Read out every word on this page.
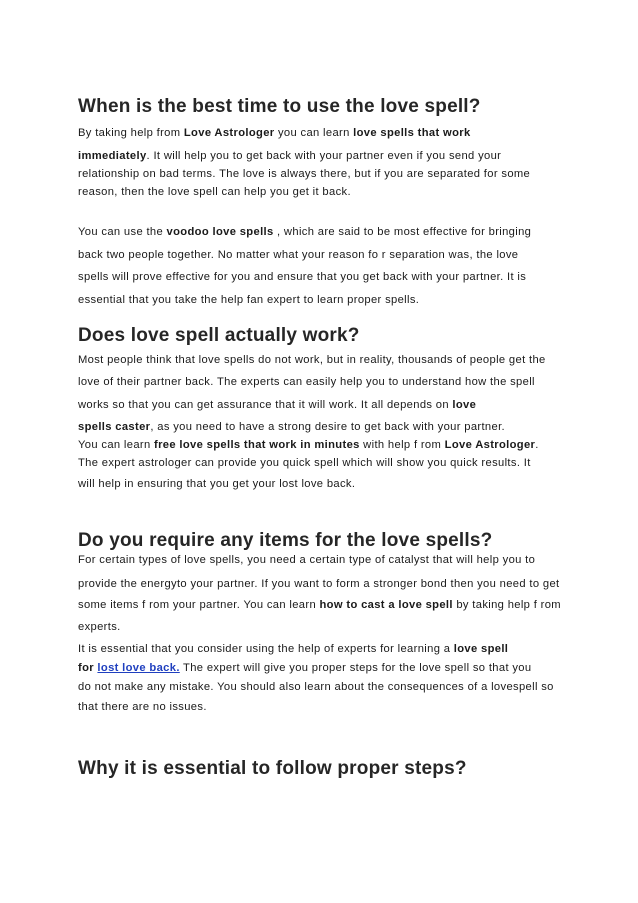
When is the best time to use the love spell?
By taking help from Love Astrologer you can learn love spells that work
immediately. It will help you to get back with your partner even if you send your
relationship on bad terms. The love is always there, but if you are separated for some
reason, then the love spell can help you get it back.
You can use the voodoo love spells , which are said to be most effective for bringing
back two people together. No matter what your reason fo r separation was, the love
spells will prove effective for you and ensure that you get back with your partner. It is
essential that you take the help fan expert to learn proper spells.
Does love spell actually work?
Most people think that love spells do not work, but in reality, thousands of people get the
love of their partner back. The experts can easily help you to understand how the spell
works so that you can get assurance that it will work. It all depends on love
spells caster, as you need to have a strong desire to get back with your partner.
You can learn free love spells that work in minutes with help f rom Love Astrologer.
The expert astrologer can provide you quick spell which will show you quick results. It
will help in ensuring that you get your lost love back.
Do you require any items for the love spells?
For certain types of love spells, you need a certain type of catalyst that will help you to
provide the energyto your partner. If you want to form a stronger bond then you need to get
some items f rom your partner. You can learn how to cast a love spell by taking help f rom
experts.
It is essential that you consider using the help of experts for learning a love spell
for lost love back. The expert will give you proper steps for the love spell so that you
do not make any mistake. You should also learn about the consequences of a lovespell so
that there are no issues.
Why it is essential to follow proper steps?
